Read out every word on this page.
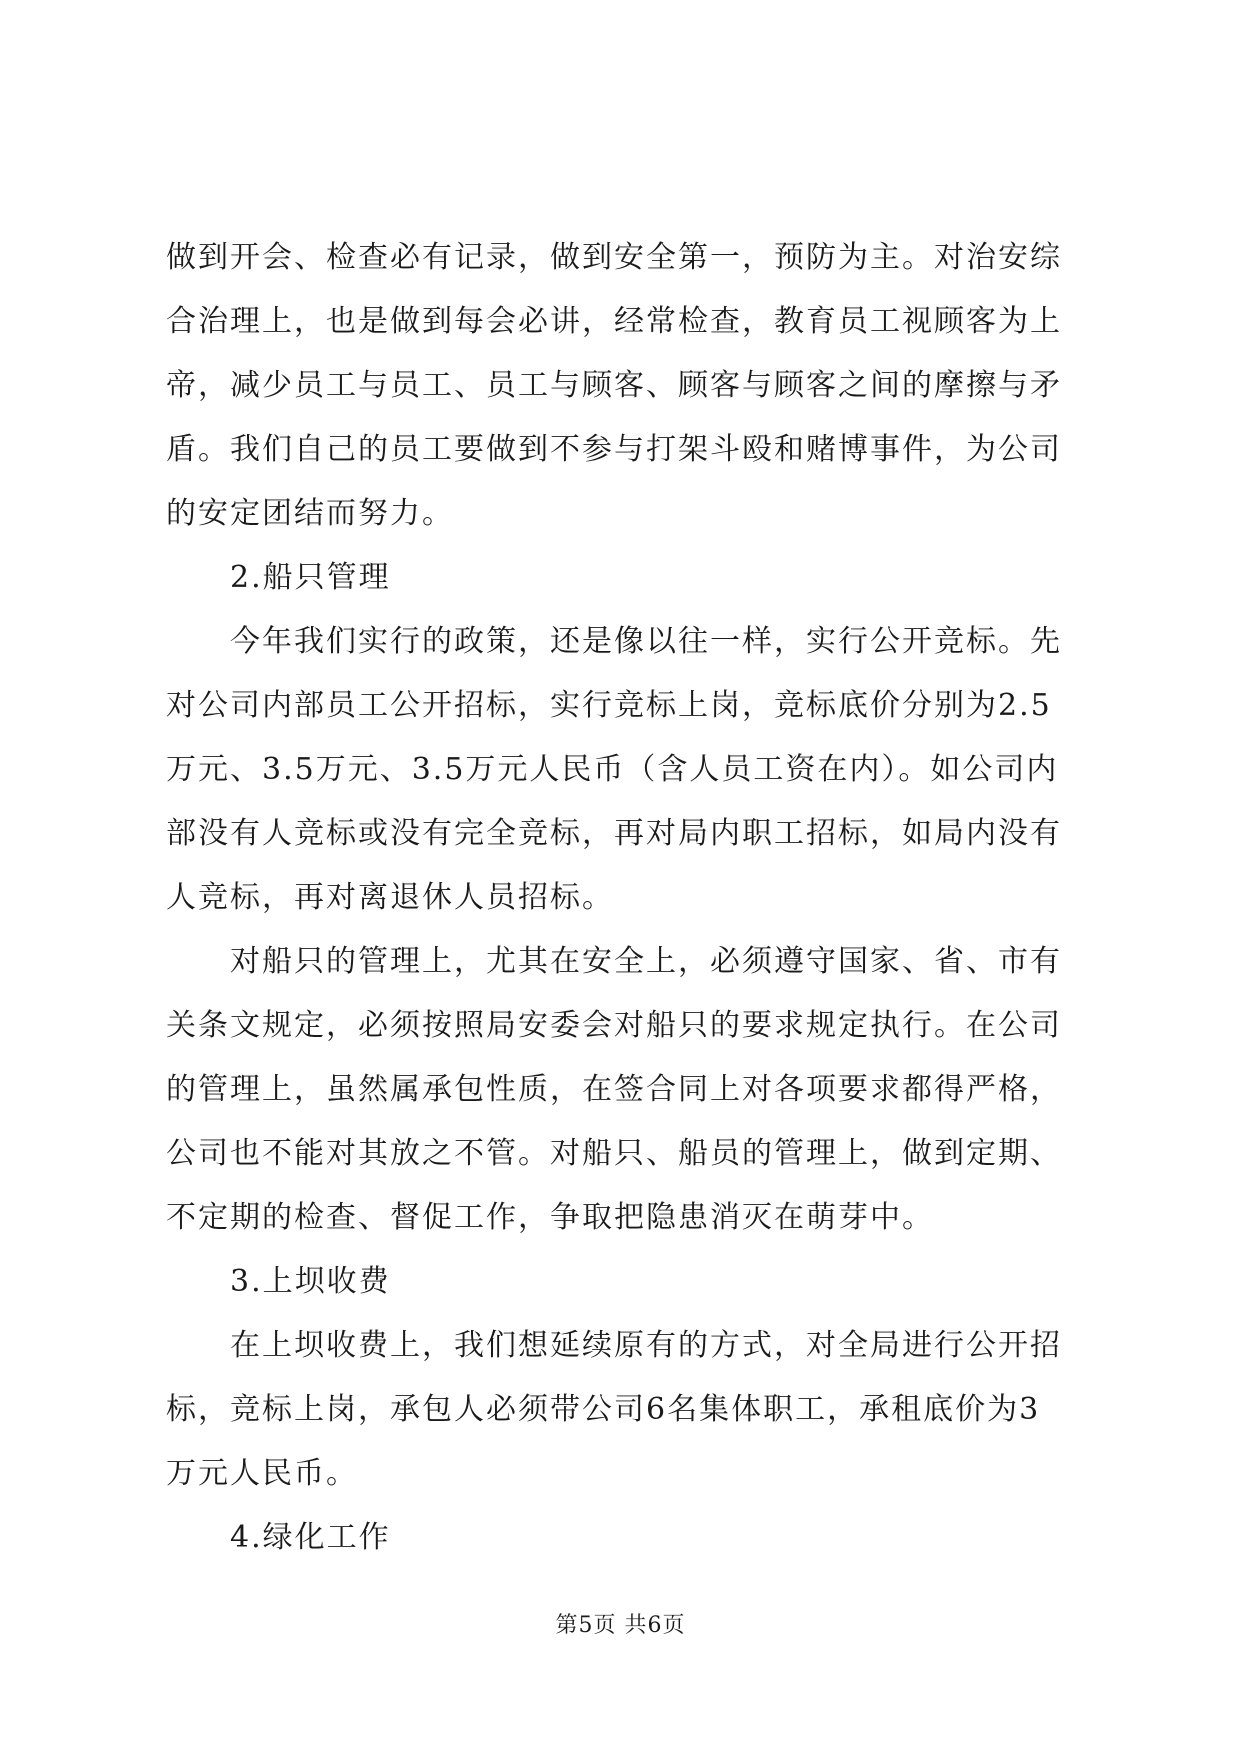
做到开会、检查必有记录，做到安全第一，预防为主。对治安综
合治理上，也是做到每会必讲，经常检查，教育员工视顾客为上
帝，减少员工与员工、员工与顾客、顾客与顾客之间的摩擦与矛
盾。我们自己的员工要做到不参与打架斗殴和赌博事件，为公司
的安定团结而努力。
2.船只管理
今年我们实行的政策，还是像以往一样，实行公开竞标。先
对公司内部员工公开招标，实行竞标上岗，竞标底价分别为2.5
万元、3.5万元、3.5万元人民币（含人员工资在内）。如公司内
部没有人竞标或没有完全竞标，再对局内职工招标，如局内没有
人竞标，再对离退休人员招标。
对船只的管理上，尤其在安全上，必须遵守国家、省、市有
关条文规定，必须按照局安委会对船只的要求规定执行。在公司
的管理上，虽然属承包性质，在签合同上对各项要求都得严格，
公司也不能对其放之不管。对船只、船员的管理上，做到定期、
不定期的检查、督促工作，争取把隐患消灭在萌芽中。
3.上坝收费
在上坝收费上，我们想延续原有的方式，对全局进行公开招
标，竞标上岗，承包人必须带公司6名集体职工，承租底价为3
万元人民币。
4.绿化工作
第5页 共6页
